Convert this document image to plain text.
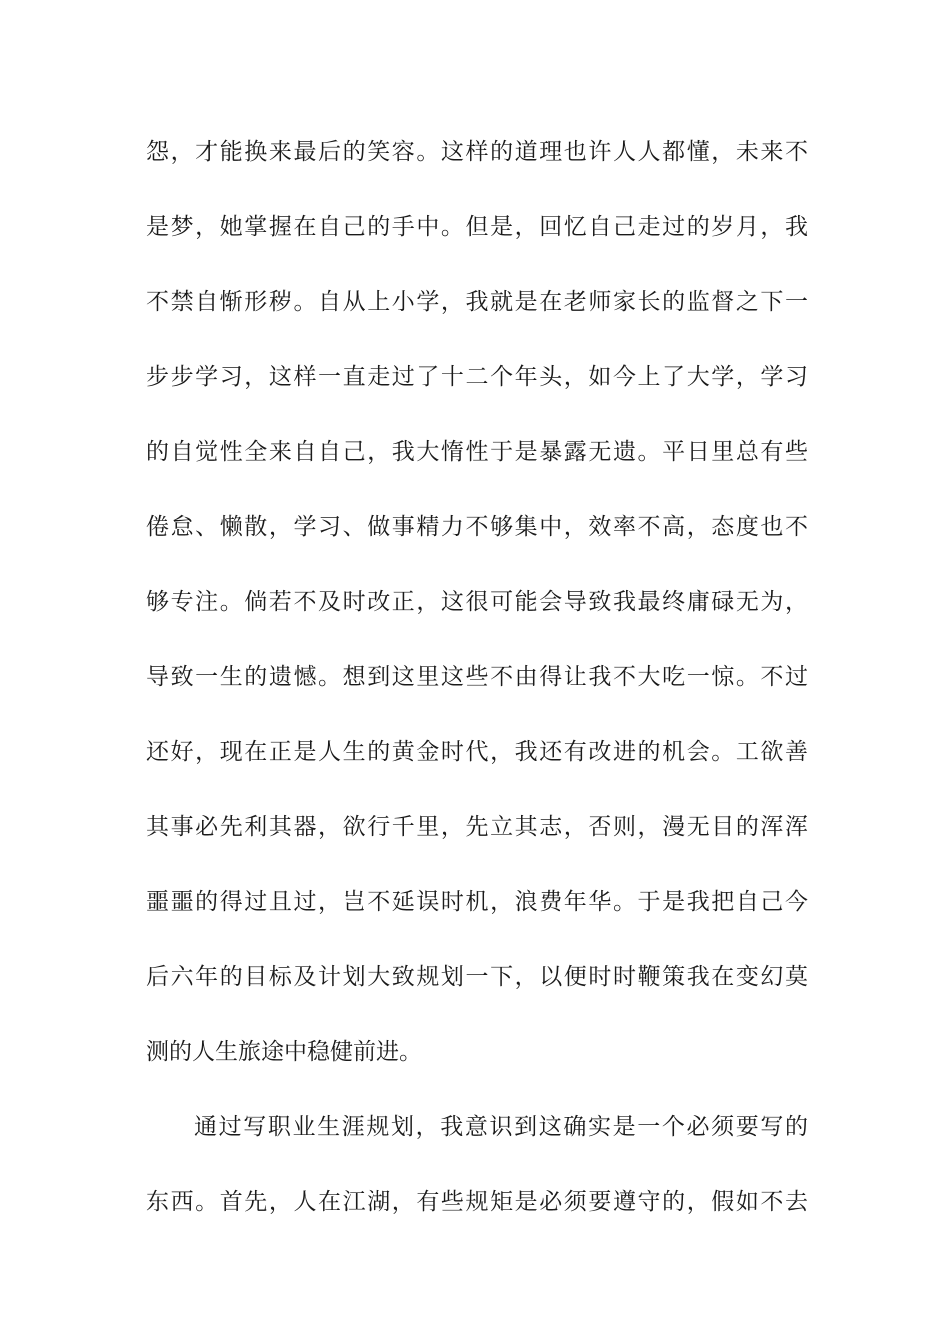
怨，才能换来最后的笑容。这样的道理也许人人都懂，未来不
是梦，她掌握在自己的手中。但是，回忆自己走过的岁月，我
不禁自惭形秽。自从上小学，我就是在老师家长的监督之下一
步步学习，这样一直走过了十二个年头，如今上了大学，学习
的自觉性全来自自己，我大惰性于是暴露无遗。平日里总有些
倦怠、懒散，学习、做事精力不够集中，效率不高，态度也不
够专注。倘若不及时改正，这很可能会导致我最终庸碌无为，
导致一生的遗憾。想到这里这些不由得让我不大吃一惊。不过
还好，现在正是人生的黄金时代，我还有改进的机会。工欲善
其事必先利其器，欲行千里，先立其志，否则，漫无目的浑浑
噩噩的得过且过，岂不延误时机，浪费年华。于是我把自己今
后六年的目标及计划大致规划一下，以便时时鞭策我在变幻莫
测的人生旅途中稳健前进。
通过写职业生涯规划，我意识到这确实是一个必须要写的
东西。首先，人在江湖，有些规矩是必须要遵守的，假如不去
